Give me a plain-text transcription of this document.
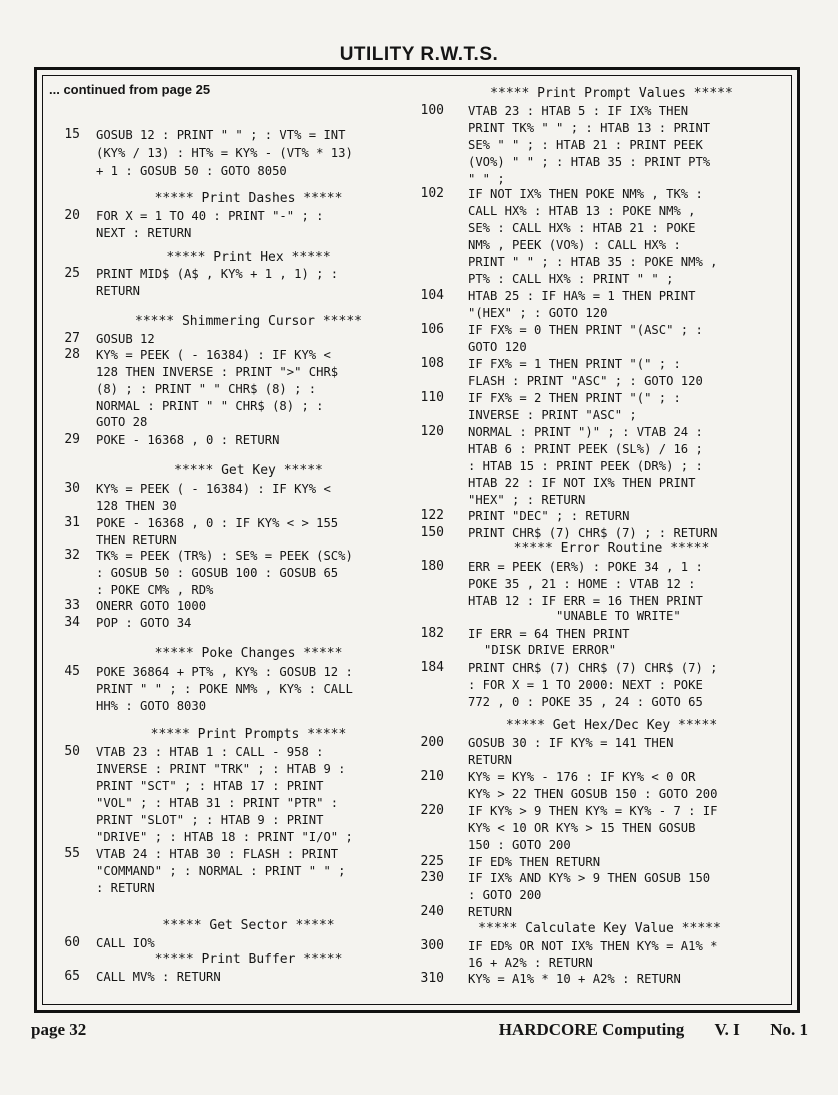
UTILITY R.W.T.S.
... continued from page 25
15 GOSUB 12 : PRINT " " ; : VT% = INT
(KY% / 13) : HT% = KY% - (VT% * 13)
+ 1 : GOSUB 50 : GOTO 8050
***** Print Dashes *****
20 FOR X = 1 TO 40 : PRINT "-" ; :
NEXT : RETURN
***** Print Hex *****
25 PRINT MID$ (A$ , KY% + 1 , 1) ; :
RETURN
***** Shimmering Cursor *****
27 GOSUB 12
28 KY% = PEEK ( - 16384) : IF KY% <
128 THEN INVERSE : PRINT ">" CHR$
(8) ; : PRINT " " CHR$ (8) ; :
NORMAL : PRINT " " CHR$ (8) ; :
GOTO 28
29 POKE - 16368 , 0 : RETURN
***** Get Key *****
30 KY% = PEEK ( - 16384) : IF KY% <
128 THEN 30
31 POKE - 16368 , 0 : IF KY% < > 155
THEN RETURN
32 TK% = PEEK (TR%) : SE% = PEEK (SC%)
: GOSUB 50 : GOSUB 100 : GOSUB 65
: POKE CM% , RD%
33 ONERR GOTO 1000
34 POP : GOTO 34
***** Poke Changes *****
45 POKE 36864 + PT% , KY% : GOSUB 12 :
PRINT " " ; : POKE NM% , KY% : CALL
HH% : GOTO 8030
***** Print Prompts *****
50 VTAB 23 : HTAB 1 : CALL - 958 :
INVERSE : PRINT "TRK" ; : HTAB 9 :
PRINT "SCT" ; : HTAB 17 : PRINT
"VOL" ; : HTAB 31 : PRINT "PTR" :
PRINT "SLOT" ; : HTAB 9 : PRINT
"DRIVE" ; : HTAB 18 : PRINT "I/O" ;
55 VTAB 24 : HTAB 30 : FLASH : PRINT
"COMMAND" ; : NORMAL : PRINT " " ;
: RETURN
***** Get Sector *****
60 CALL IO%
***** Print Buffer *****
65 CALL MV% : RETURN
***** Print Prompt Values *****
100 VTAB 23 : HTAB 5 : IF IX% THEN
PRINT TK% " " ; : HTAB 13 : PRINT
SE% " " ; : HTAB 21 : PRINT PEEK
(VO%) " " ; : HTAB 35 : PRINT PT%
" " ;
102 IF NOT IX% THEN POKE NM% , TK% :
CALL HX% : HTAB 13 : POKE NM% ,
SE% : CALL HX% : HTAB 21 : POKE
NM% , PEEK (VO%) : CALL HX% :
PRINT " " ; : HTAB 35 : POKE NM% ,
PT% : CALL HX% : PRINT " " ;
104 HTAB 25 : IF HA% = 1 THEN PRINT
"(HEX" ; : GOTO 120
106 IF FX% = 0 THEN PRINT "(ASC" ; :
GOTO 120
108 IF FX% = 1 THEN PRINT "(" ; :
FLASH : PRINT "ASC" ; : GOTO 120
110 IF FX% = 2 THEN PRINT "(" ; :
INVERSE : PRINT "ASC" ;
120 NORMAL : PRINT ")" ; : VTAB 24 :
HTAB 6 : PRINT PEEK (SL%) / 16 ;
: HTAB 15 : PRINT PEEK (DR%) ; :
HTAB 22 : IF NOT IX% THEN PRINT
"HEX" ; : RETURN
122 PRINT "DEC" ; : RETURN
150 PRINT CHR$ (7) CHR$ (7) ; : RETURN
***** Error Routine *****
180 ERR = PEEK (ER%) : POKE 34 , 1 :
POKE 35 , 21 : HOME : VTAB 12 :
HTAB 12 : IF ERR = 16 THEN PRINT
"UNABLE TO WRITE"
182 IF ERR = 64 THEN PRINT
"DISK DRIVE ERROR"
184 PRINT CHR$ (7) CHR$ (7) CHR$ (7) ;
: FOR X = 1 TO 2000: NEXT : POKE
772 , 0 : POKE 35 , 24 : GOTO 65
***** Get Hex/Dec Key *****
200 GOSUB 30 : IF KY% = 141 THEN
RETURN
210 KY% = KY% - 176 : IF KY% < 0 OR
KY% > 22 THEN GOSUB 150 : GOTO 200
220 IF KY% > 9 THEN KY% = KY% - 7 : IF
KY% < 10 OR KY% > 15 THEN GOSUB
150 : GOTO 200
225 IF ED% THEN RETURN
230 IF IX% AND KY% > 9 THEN GOSUB 150
: GOTO 200
240 RETURN
***** Calculate Key Value *****
300 IF ED% OR NOT IX% THEN KY% = A1% *
16 + A2% : RETURN
310 KY% = A1% * 10 + A2% : RETURN
page 32	HARDCORE Computing V. I No. 1
